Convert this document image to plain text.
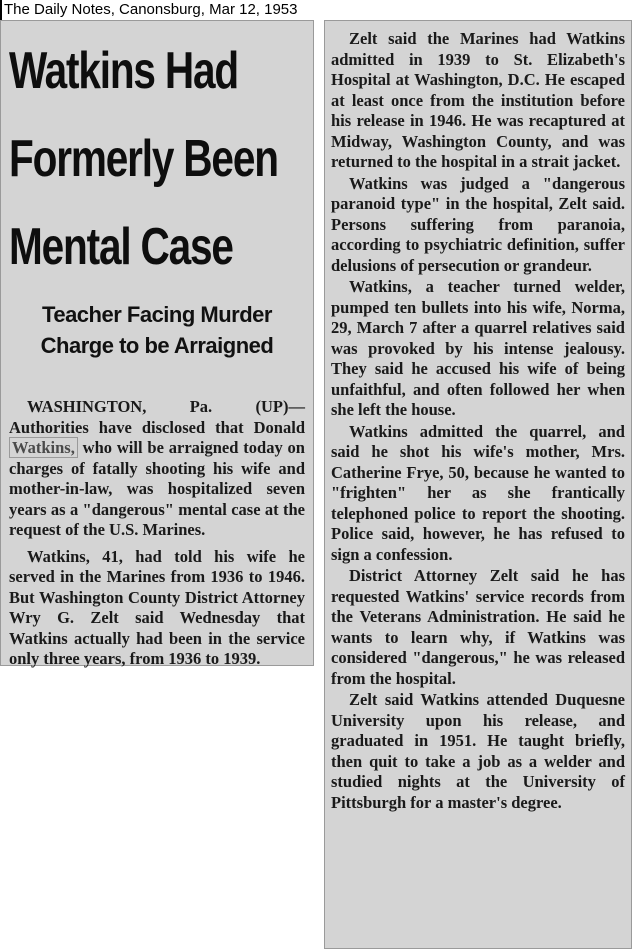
The Daily Notes, Canonsburg, Mar 12, 1953
Watkins Had
Formerly Been
Mental Case
Teacher Facing Murder
Charge to be Arraigned

WASHINGTON, Pa. (UP)—Authorities have disclosed that Donald Watkins, who will be arraigned today on charges of fatally shooting his wife and mother-in-law, was hospitalized seven years as a "dangerous" mental case at the request of the U.S. Marines.

Watkins, 41, had told his wife he served in the Marines from 1936 to 1946. But Washington County District Attorney Wry G. Zelt said Wednesday that Watkins actually had been in the service only three years, from 1936 to 1939.

Zelt said the Marines had Watkins admitted in 1939 to St. Elizabeth's Hospital at Washington, D.C. He escaped at least once from the institution before his release in 1946. He was recaptured at Midway, Washington County, and was returned to the hospital in a strait jacket.

Watkins was judged a "dangerous paranoid type" in the hospital, Zelt said. Persons suffering from paranoia, according to psychiatric definition, suffer delusions of persecution or grandeur.

Watkins, a teacher turned welder, pumped ten bullets into his wife, Norma, 29, March 7 after a quarrel relatives said was provoked by his intense jealousy. They said he accused his wife of being unfaithful, and often followed her when she left the house.

Watkins admitted the quarrel, and said he shot his wife's mother, Mrs. Catherine Frye, 50, because he wanted to "frighten" her as she frantically telephoned police to report the shooting. Police said, however, he has refused to sign a confession.

District Attorney Zelt said he has requested Watkins' service records from the Veterans Administration. He said he wants to learn why, if Watkins was considered "dangerous," he was released from the hospital.

Zelt said Watkins attended Duquesne University upon his release, and graduated in 1951. He taught briefly, then quit to take a job as a welder and studied nights at the University of Pittsburgh for a master's degree.
